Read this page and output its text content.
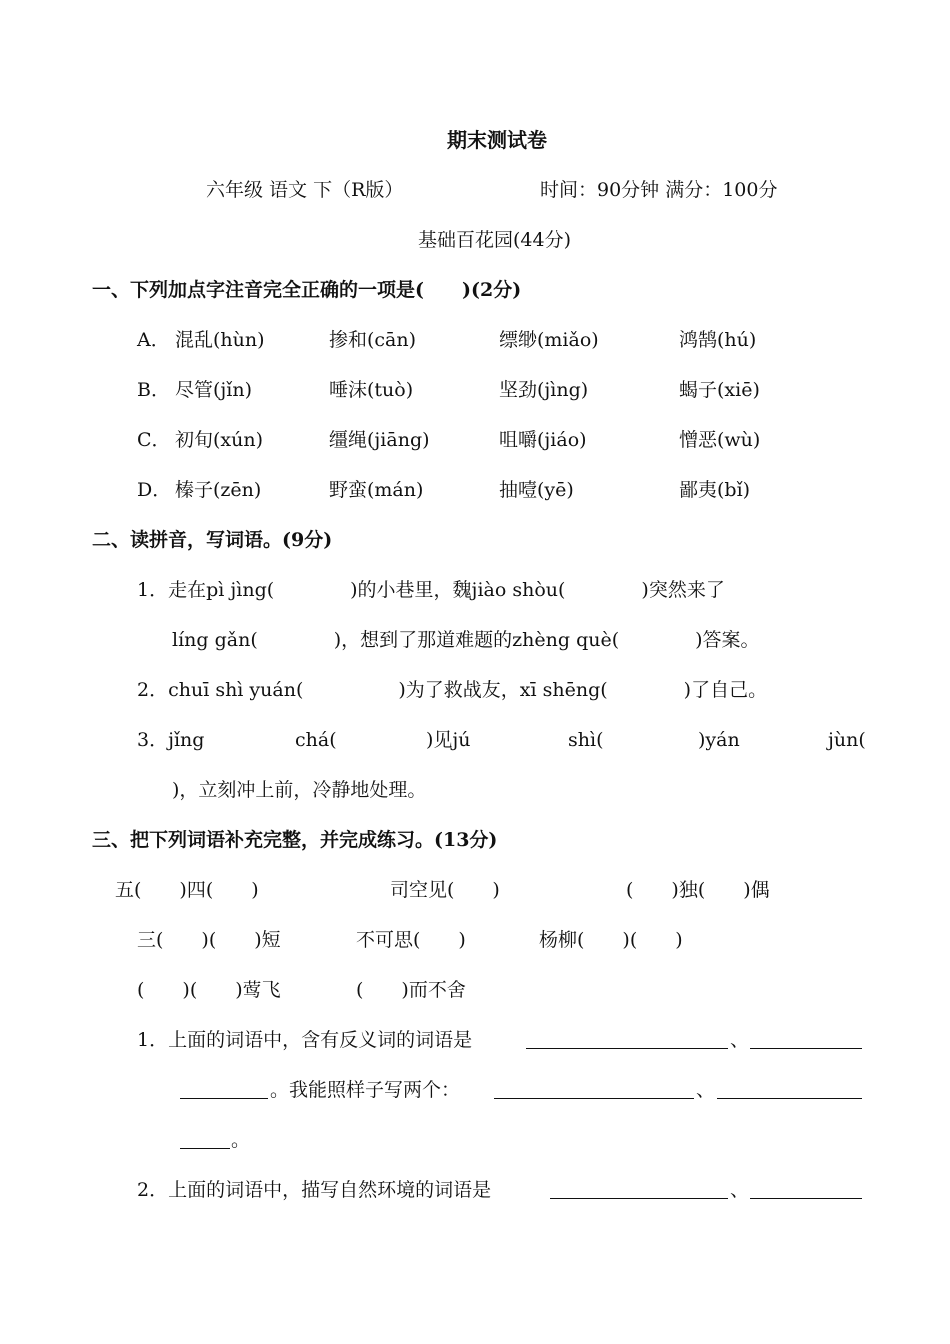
期末测试卷
六年级 语文 下（R版）	时间：90分钟 满分：100分
基础百花园(44分)
一、下列加点字注音完全正确的一项是(　　)(2分)
A． 混乱(hùn)	掺和(cān)	缥缈(miǎo)	鸿鹄(hú)
B． 尽管(jǐn)	唾沫(tuò)	坚劲(jìng)	蝎子(xiē)
C． 初旬(xún)	缰绳(jiāng)	咀嚼(jiáo)	憎恶(wù)
D． 榛子(zēn)	野蛮(mán)	抽噎(yē)	鄙夷(bǐ)
二、读拼音，写词语。(9分)
1．走在pì jìng(　　　　)的小巷里，魏jiào shòu(　　　　)突然来了
líng gǎn(　　　　)，想到了那道难题的zhèng què(　　　　)答案。
2．chuī shì yuán(　　　　　)为了救战友，xī shēng(　　　　)了自己。
3．jǐng	chá(	)见jú	shì(	)yán	jùn(
)，立刻冲上前，冷静地处理。
三、把下列词语补充完整，并完成练习。(13分)
五(　　)四(　　)	司空见(　　)	(　　)独(　　)偶
三(　　)(　　)短	不可思(　　)	杨柳(　　)(　　)
(　　)(　　)莺飞	(　　)而不舍
1．上面的词语中，含有反义词的词语是	、
。我能照样子写两个：	、
。
2．上面的词语中，描写自然环境的词语是	、
